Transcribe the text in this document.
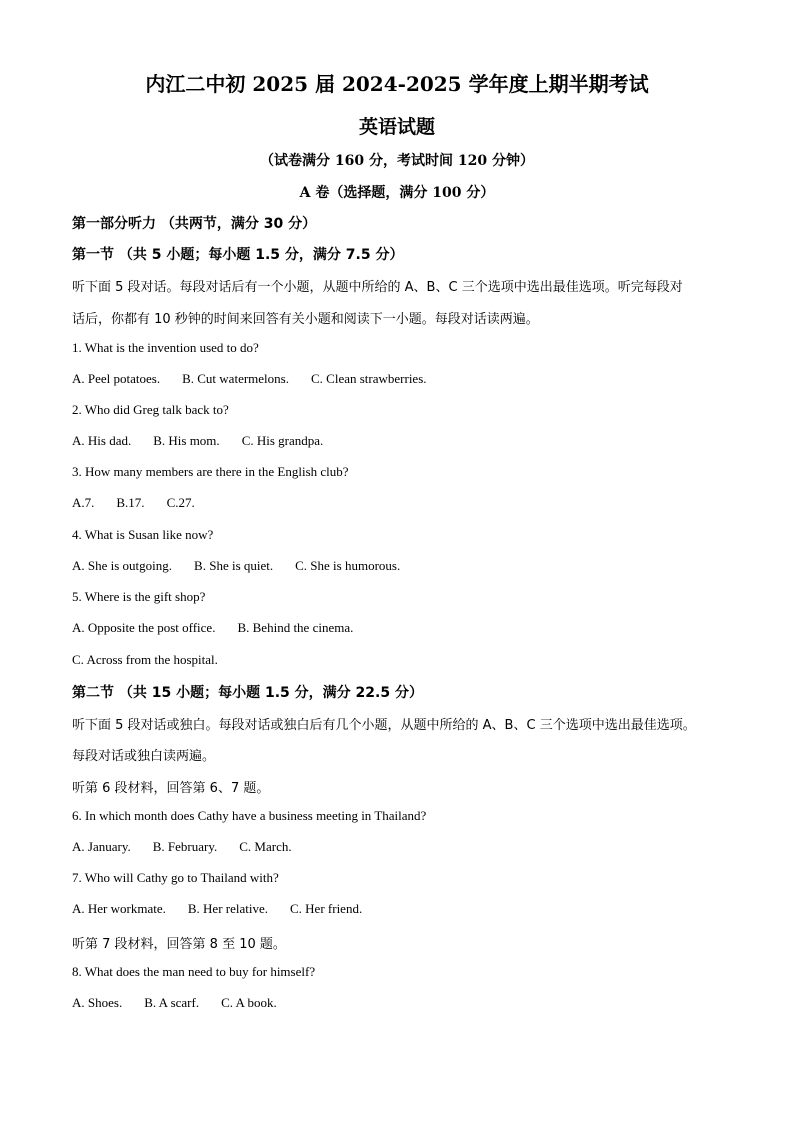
内江二中初 2025 届 2024-2025 学年度上期半期考试
英语试题
（试卷满分 160 分，考试时间 120 分钟）
A 卷（选择题，满分 100 分）
第一部分听力 （共两节，满分 30 分）
第一节 （共 5 小题；每小题 1.5 分，满分 7.5 分）
听下面 5 段对话。每段对话后有一个小题，从题中所给的 A、B、C 三个选项中选出最佳选项。听完每段对
话后，你都有 10 秒钟的时间来回答有关小题和阅读下一小题。每段对话读两遍。
1. What is the invention used to do?
A. Peel potatoes. B. Cut watermelons. C. Clean strawberries.
2. Who did Greg talk back to?
A. His dad. B. His mom. C. His grandpa.
3. How many members are there in the English club?
A.7. B.17. C.27.
4. What is Susan like now?
A. She is outgoing. B. She is quiet. C. She is humorous.
5. Where is the gift shop?
A. Opposite the post office. B. Behind the cinema.
C. Across from the hospital.
第二节 （共 15 小题；每小题 1.5 分，满分 22.5 分）
听下面 5 段对话或独白。每段对话或独白后有几个小题，从题中所给的 A、B、C 三个选项中选出最佳选项。
每段对话或独白读两遍。
听第 6 段材料，回答第 6、7 题。
6. In which month does Cathy have a business meeting in Thailand?
A. January. B. February. C. March.
7. Who will Cathy go to Thailand with?
A. Her workmate. B. Her relative. C. Her friend.
听第 7 段材料，回答第 8 至 10 题。
8. What does the man need to buy for himself?
A. Shoes. B. A scarf. C. A book.
